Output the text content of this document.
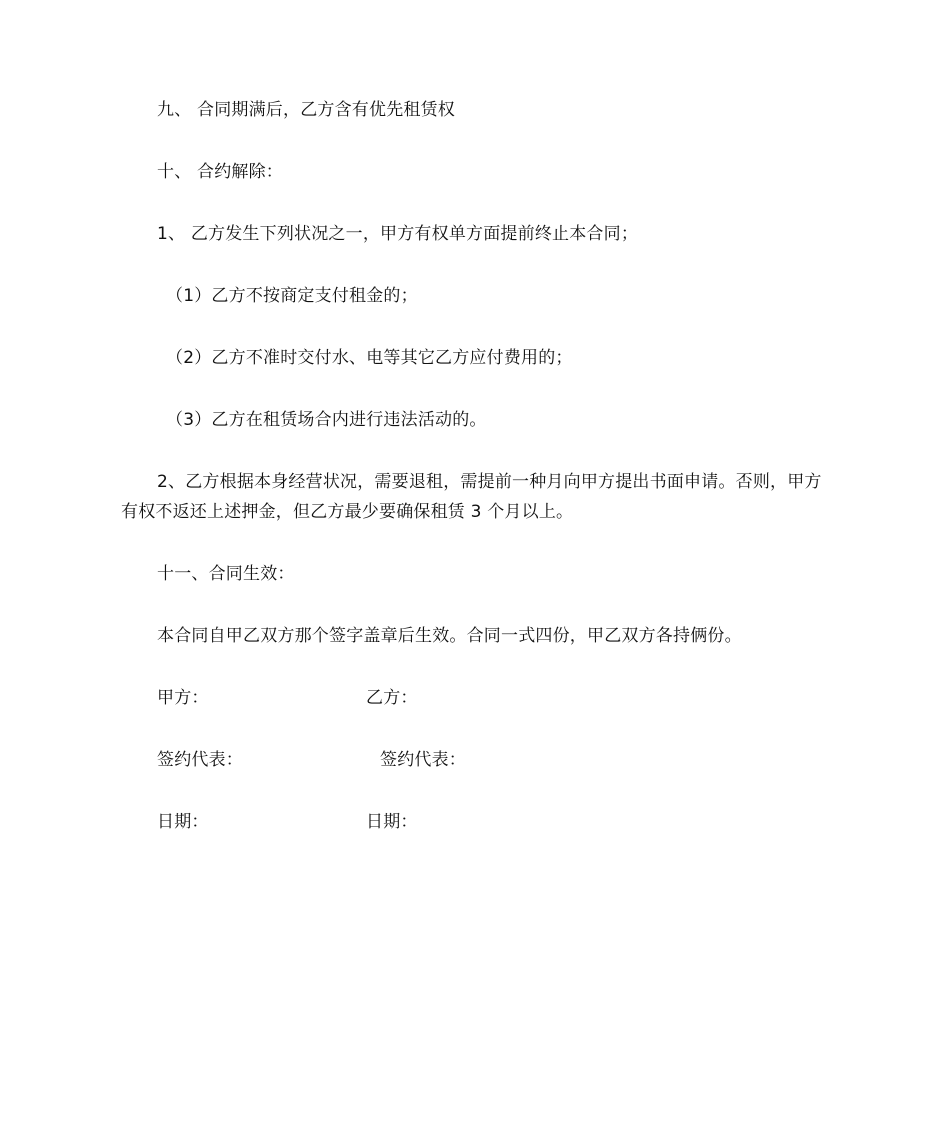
九、 合同期满后，乙方含有优先租赁权
十、 合约解除：
1、 乙方发生下列状况之一，甲方有权单方面提前终止本合同；
（1）乙方不按商定支付租金的；
（2）乙方不准时交付水、电等其它乙方应付费用的；
（3）乙方在租赁场合内进行违法活动的。
2、乙方根据本身经营状况，需要退租，需提前一种月向甲方提出书面申请。否则，甲方有权不返还上述押金，但乙方最少要确保租赁 3 个月以上。
十一、合同生效：
本合同自甲乙双方那个签字盖章后生效。合同一式四份，甲乙双方各持俩份。
甲方：	乙方：
签约代表：	签约代表：
日期：	日期：
